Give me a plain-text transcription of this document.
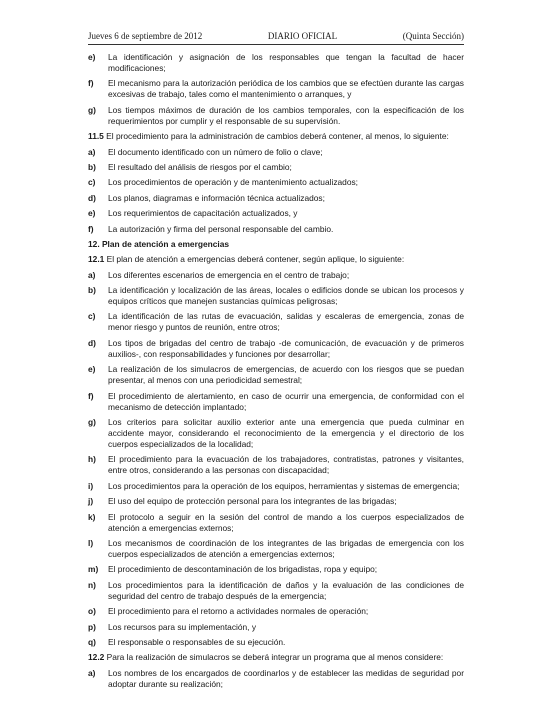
Jueves 6 de septiembre de 2012	DIARIO OFICIAL	(Quinta Sección)
e)	La identificación y asignación de los responsables que tengan la facultad de hacer modificaciones;
f)	El mecanismo para la autorización periódica de los cambios que se efectúen durante las cargas excesivas de trabajo, tales como el mantenimiento o arranques, y
g)	Los tiempos máximos de duración de los cambios temporales, con la especificación de los requerimientos por cumplir y el responsable de su supervisión.
11.5 El procedimiento para la administración de cambios deberá contener, al menos, lo siguiente:
a)	El documento identificado con un número de folio o clave;
b)	El resultado del análisis de riesgos por el cambio;
c)	Los procedimientos de operación y de mantenimiento actualizados;
d)	Los planos, diagramas e información técnica actualizados;
e)	Los requerimientos de capacitación actualizados, y
f)	La autorización y firma del personal responsable del cambio.
12. Plan de atención a emergencias
12.1 El plan de atención a emergencias deberá contener, según aplique, lo siguiente:
a)	Los diferentes escenarios de emergencia en el centro de trabajo;
b)	La identificación y localización de las áreas, locales o edificios donde se ubican los procesos y equipos críticos que manejen sustancias químicas peligrosas;
c)	La identificación de las rutas de evacuación, salidas y escaleras de emergencia, zonas de menor riesgo y puntos de reunión, entre otros;
d)	Los tipos de brigadas del centro de trabajo -de comunicación, de evacuación y de primeros auxilios-, con responsabilidades y funciones por desarrollar;
e)	La realización de los simulacros de emergencias, de acuerdo con los riesgos que se puedan presentar, al menos con una periodicidad semestral;
f)	El procedimiento de alertamiento, en caso de ocurrir una emergencia, de conformidad con el mecanismo de detección implantado;
g)	Los criterios para solicitar auxilio exterior ante una emergencia que pueda culminar en accidente mayor, considerando el reconocimiento de la emergencia y el directorio de los cuerpos especializados de la localidad;
h)	El procedimiento para la evacuación de los trabajadores, contratistas, patrones y visitantes, entre otros, considerando a las personas con discapacidad;
i)	Los procedimientos para la operación de los equipos, herramientas y sistemas de emergencia;
j)	El uso del equipo de protección personal para los integrantes de las brigadas;
k)	El protocolo a seguir en la sesión del control de mando a los cuerpos especializados de atención a emergencias externos;
l)	Los mecanismos de coordinación de los integrantes de las brigadas de emergencia con los cuerpos especializados de atención a emergencias externos;
m)	El procedimiento de descontaminación de los brigadistas, ropa y equipo;
n)	Los procedimientos para la identificación de daños y la evaluación de las condiciones de seguridad del centro de trabajo después de la emergencia;
o)	El procedimiento para el retorno a actividades normales de operación;
p)	Los recursos para su implementación, y
q)	El responsable o responsables de su ejecución.
12.2 Para la realización de simulacros se deberá integrar un programa que al menos considere:
a)	Los nombres de los encargados de coordinarlos y de establecer las medidas de seguridad por adoptar durante su realización;
